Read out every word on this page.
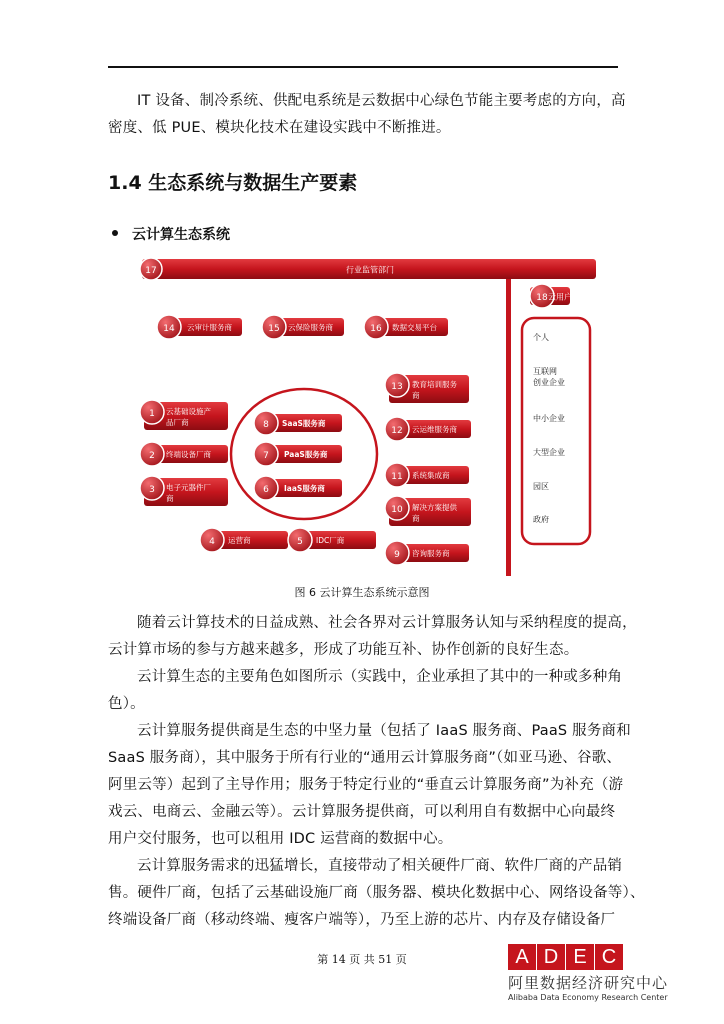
IT 设备、制冷系统、供配电系统是云数据中心绿色节能主要考虑的方向，高
密度、低 PUE、模块化技术在建设实践中不断推进。
1.4 生态系统与数据生产要素
云计算生态系统
17	行业监管部门
18 云用户
个人
互联网
创业企业
中小企业
大型企业
园区
政府
14 云审计服务商	15 云保险服务商	16 数据交易平台
12 云运维服务商
11 系统集成商
9 咨询服务商
2 终端设备厂商
4 运营商	5 IDC厂商
8 SaaS服务商
7 PaaS服务商
6 IaaS服务商
13 教育培训服务
商
10 解决方案提供
商
1 云基础设施产
品厂商
3 电子元器件厂
商
图 6 云计算生态系统示意图
随着云计算技术的日益成熟、社会各界对云计算服务认知与采纳程度的提高，
云计算市场的参与方越来越多，形成了功能互补、协作创新的良好生态。
云计算生态的主要角色如图所示（实践中，企业承担了其中的一种或多种角
色）。
云计算服务提供商是生态的中坚力量（包括了 IaaS 服务商、PaaS 服务商和
SaaS 服务商），其中服务于所有行业的“通用云计算服务商”（如亚马逊、谷歌、
阿里云等）起到了主导作用；服务于特定行业的“垂直云计算服务商”为补充（游
戏云、电商云、金融云等）。云计算服务提供商，可以利用自有数据中心向最终
用户交付服务，也可以租用 IDC 运营商的数据中心。
云计算服务需求的迅猛增长，直接带动了相关硬件厂商、软件厂商的产品销
售。硬件厂商，包括了云基础设施厂商（服务器、模块化数据中心、网络设备等）、
终端设备厂商（移动终端、瘦客户端等），乃至上游的芯片、内存及存储设备厂
第 14 页 共 51 页	A D E C
阿里数据经济研究中心
Alibaba Data Economy Research Center
